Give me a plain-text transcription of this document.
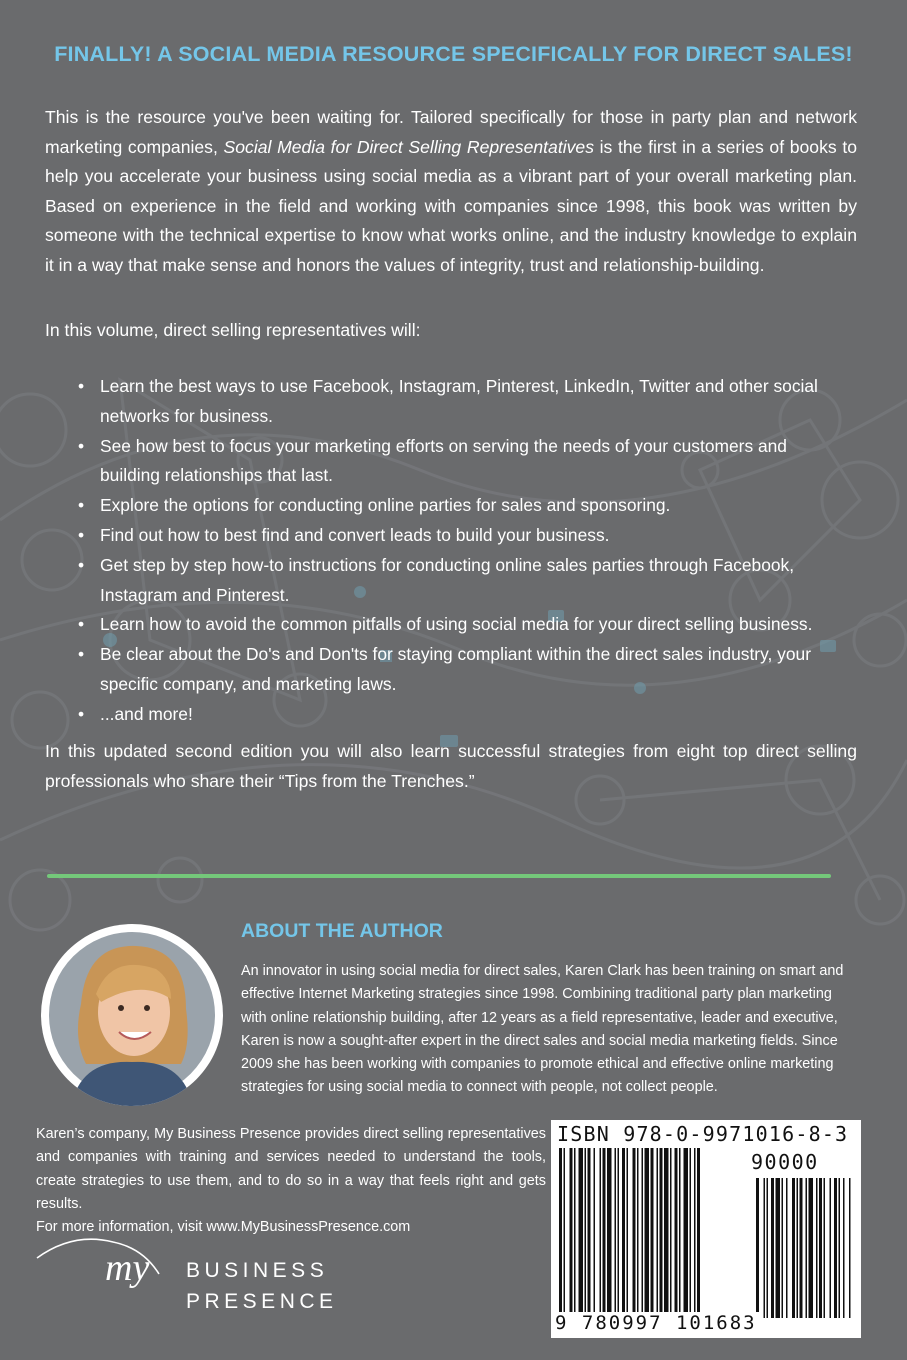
FINALLY! A SOCIAL MEDIA RESOURCE SPECIFICALLY FOR DIRECT SALES!

This is the resource you've been waiting for. Tailored specifically for those in party plan and network marketing companies, Social Media for Direct Selling Representatives is the first in a series of books to help you accelerate your business using social media as a vibrant part of your overall marketing plan. Based on experience in the field and working with companies since 1998, this book was written by someone with the technical expertise to know what works online, and the industry knowledge to explain it in a way that make sense and honors the values of integrity, trust and relationship-building.

In this volume, direct selling representatives will:

• Learn the best ways to use Facebook, Instagram, Pinterest, LinkedIn, Twitter and other social networks for business.
• See how best to focus your marketing efforts on serving the needs of your customers and building relationships that last.
• Explore the options for conducting online parties for sales and sponsoring.
• Find out how to best find and convert leads to build your business.
• Get step by step how-to instructions for conducting online sales parties through Facebook, Instagram and Pinterest.
• Learn how to avoid the common pitfalls of using social media for your direct selling business.
• Be clear about the Do's and Don'ts for staying compliant within the direct sales industry, your specific company, and marketing laws.
• ...and more!

In this updated second edition you will also learn successful strategies from eight top direct selling professionals who share their “Tips from the Trenches.”

ABOUT THE AUTHOR

An innovator in using social media for direct sales, Karen Clark has been training on smart and effective Internet Marketing strategies since 1998. Combining traditional party plan marketing with online relationship building, after 12 years as a field representative, leader and executive, Karen is now a sought-after expert in the direct sales and social media marketing fields. Since 2009 she has been working with companies to promote ethical and effective online marketing strategies for using social media to connect with people, not collect people.

Karen’s company, My Business Presence provides direct selling representatives and companies with training and services needed to understand the tools, create strategies to use them, and to do so in a way that feels right and gets results.
For more information, visit www.MyBusinessPresence.com

my BUSINESS
PRESENCE
ISBN 978-0-9971016-8-3
90000
9 780997 101683
